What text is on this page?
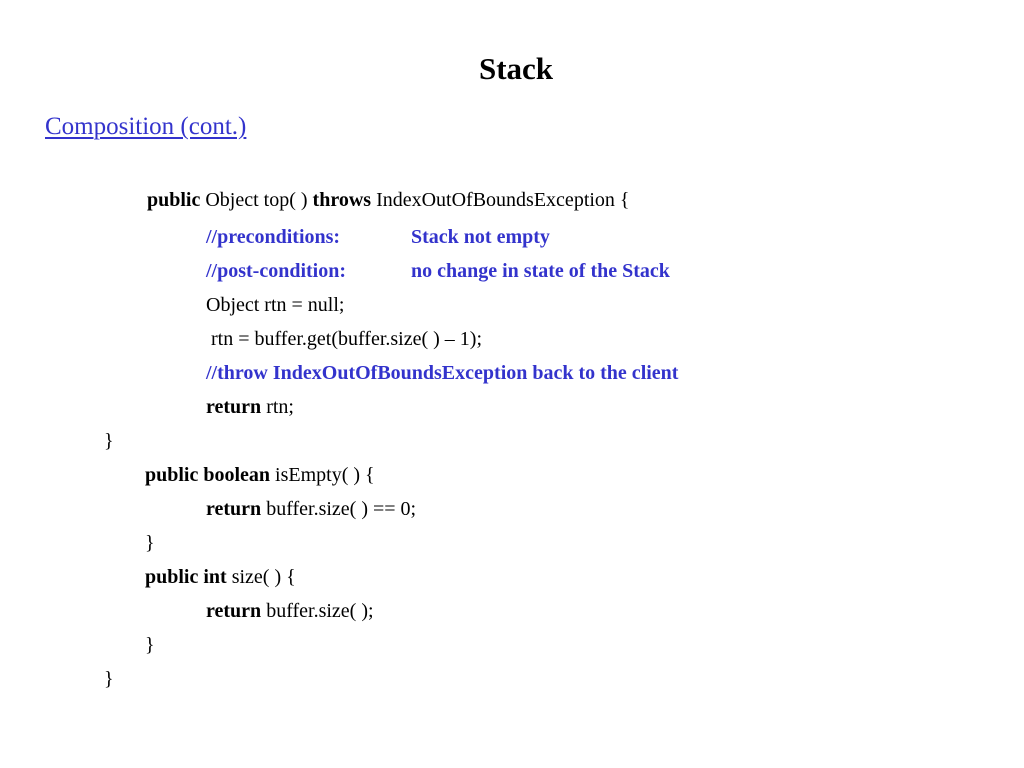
Stack
Composition (cont.)
public Object top( ) throws IndexOutOfBoundsException {
//preconditions:	Stack not empty
//post-condition:	no change in state of the Stack
Object rtn = null;
rtn = buffer.get(buffer.size( ) – 1);
//throw IndexOutOfBoundsException back to the client
return rtn;
}
public boolean isEmpty( ) {
return buffer.size( ) == 0;
}
public int size( ) {
return buffer.size( );
}
}
